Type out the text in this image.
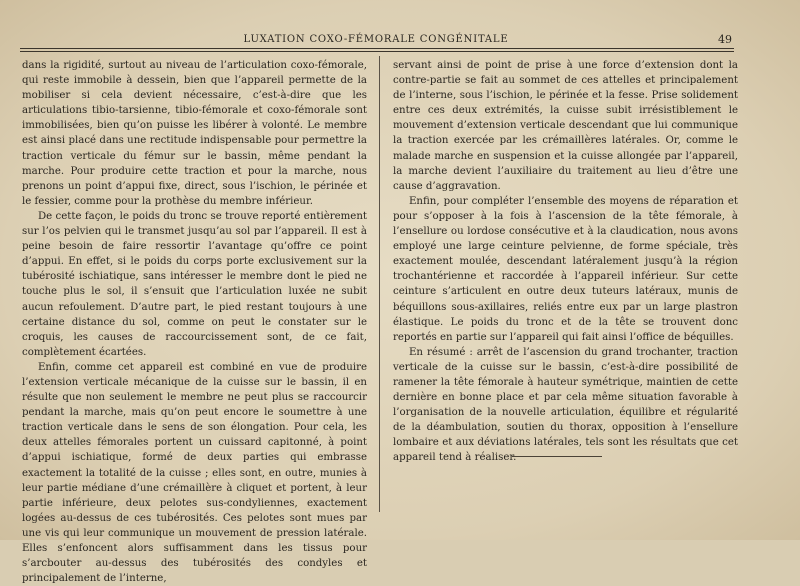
LUXATION COXO-FÉMORALE CONGÉNITALE	49

dans la rigidité, surtout au niveau de l’articulation coxo-fémorale, qui reste immobile à dessein, bien que l’appareil permette de la mobiliser si cela devient nécessaire, c’est-à-dire que les articulations tibio-tarsienne, tibio-fémorale et coxo-fémorale sont immobilisées, bien qu’on puisse les libérer à volonté. Le membre est ainsi placé dans une rectitude indispensable pour permettre la traction verticale du fémur sur le bassin, même pendant la marche. Pour produire cette traction et pour la marche, nous prenons un point d’appui fixe, direct, sous l’ischion, le périnée et le fessier, comme pour la prothèse du membre inférieur.

De cette façon, le poids du tronc se trouve reporté entièrement sur l’os pelvien qui le transmet jusqu’au sol par l’appareil. Il est à peine besoin de faire ressortir l’avantage qu’offre ce point d’appui. En effet, si le poids du corps porte exclusivement sur la tubérosité ischiatique, sans intéresser le membre dont le pied ne touche plus le sol, il s’ensuit que l’articulation luxée ne subit aucun refoulement. D’autre part, le pied restant toujours à une certaine distance du sol, comme on peut le constater sur le croquis, les causes de raccourcissement sont, de ce fait, complètement écartées.

Enfin, comme cet appareil est combiné en vue de produire l’extension verticale mécanique de la cuisse sur le bassin, il en résulte que non seulement le membre ne peut plus se raccourcir pendant la marche, mais qu’on peut encore le soumettre à une traction verticale dans le sens de son élongation. Pour cela, les deux attelles fémorales portent un cuissard capitonné, à point d’appui ischiatique, formé de deux parties qui embrasse exactement la totalité de la cuisse ; elles sont, en outre, munies à leur partie médiane d’une crémaillère à cliquet et portent, à leur partie inférieure, deux pelotes sus-condyliennes, exactement logées au-dessus de ces tubérosités. Ces pelotes sont mues par une vis qui leur communique un mouvement de pression latérale. Elles s’enfoncent alors suffisamment dans les tissus pour s’arcbouter au-dessus des tubérosités des condyles et principalement de l’interne,

servant ainsi de point de prise à une force d’extension dont la contre-partie se fait au sommet de ces attelles et principalement de l’interne, sous l’ischion, le périnée et la fesse. Prise solidement entre ces deux extrémités, la cuisse subit irrésistiblement le mouvement d’extension verticale descendant que lui communique la traction exercée par les crémaillères latérales. Or, comme le malade marche en suspension et la cuisse allongée par l’appareil, la marche devient l’auxiliaire du traitement au lieu d’être une cause d’aggravation.

Enfin, pour compléter l’ensemble des moyens de réparation et pour s’opposer à la fois à l’ascension de la tête fémorale, à l’ensellure ou lordose consécutive et à la claudication, nous avons employé une large ceinture pelvienne, de forme spéciale, très exactement moulée, descendant latéralement jusqu’à la région trochantérienne et raccordée à l’appareil inférieur. Sur cette ceinture s’articulent en outre deux tuteurs latéraux, munis de béquillons sous-axillaires, reliés entre eux par un large plastron élastique. Le poids du tronc et de la tête se trouvent donc reportés en partie sur l’appareil qui fait ainsi l’office de béquilles.

En résumé : arrêt de l’ascension du grand trochanter, traction verticale de la cuisse sur le bassin, c’est-à-dire possibilité de ramener la tête fémorale à hauteur symétrique, maintien de cette dernière en bonne place et par cela même situation favorable à l’organisation de la nouvelle articulation, équilibre et régularité de la déambulation, soutien du thorax, opposition à l’ensellure lombaire et aux déviations latérales, tels sont les résultats que cet appareil tend à réaliser.
